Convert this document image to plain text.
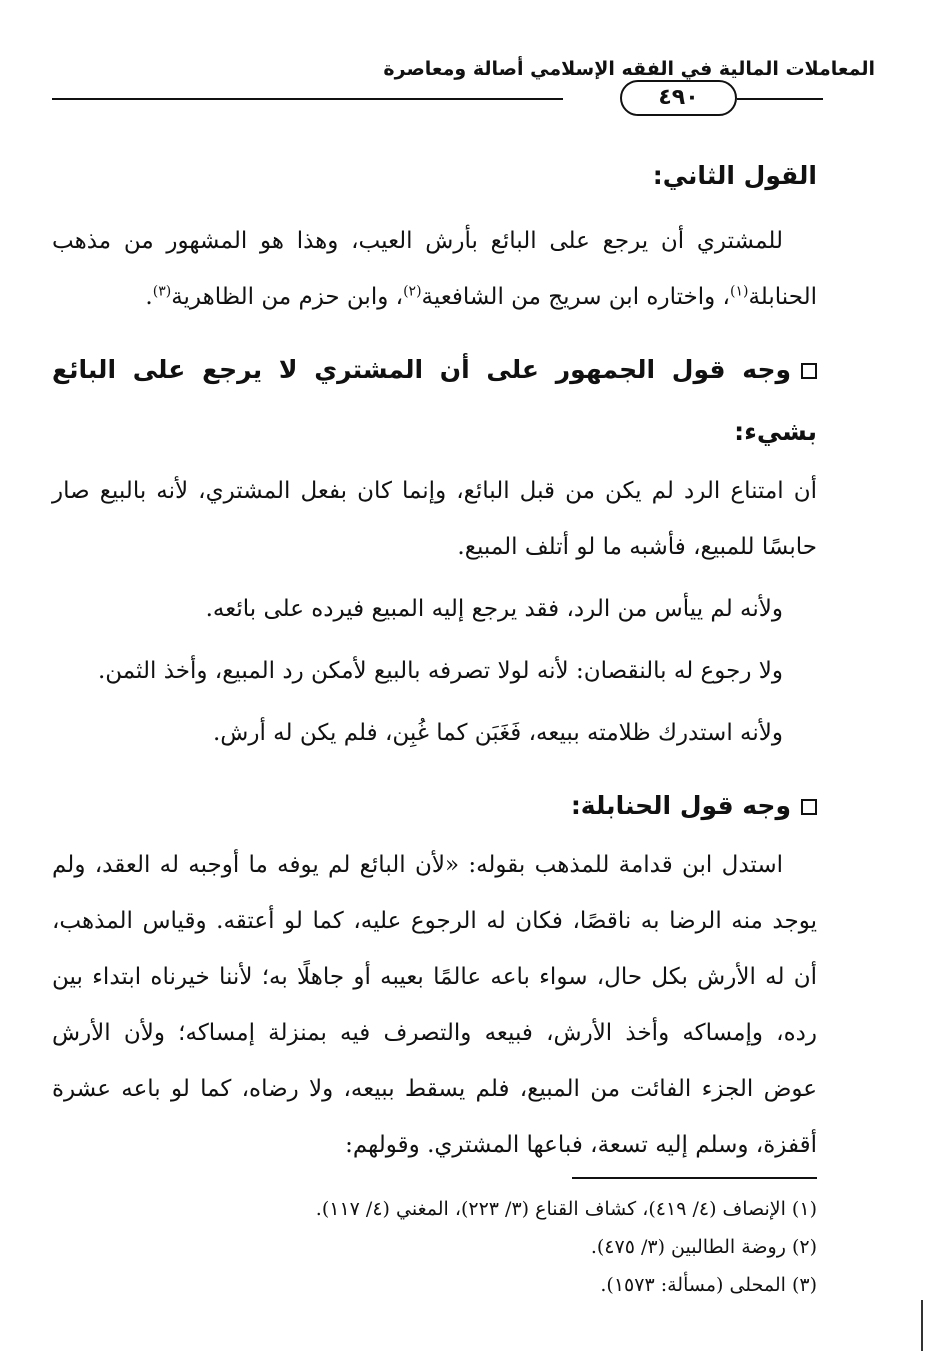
المعاملات المالية في الفقه الإسلامي أصالة ومعاصرة
٤٩٠
القول الثاني:

للمشتري أن يرجع على البائع بأرش العيب، وهذا هو المشهور من مذهب الحنابلة$^{(١)}$، واختاره ابن سريج من الشافعية$^{(٢)}$، وابن حزم من الظاهرية$^{(٣)}$.

وجه قول الجمهور على أن المشتري لا يرجع على البائع بشيء:

أن امتناع الرد لم يكن من قبل البائع، وإنما كان بفعل المشتري، لأنه بالبيع صار حابسًا للمبيع، فأشبه ما لو أتلف المبيع.

ولأنه لم ييأس من الرد، فقد يرجع إليه المبيع فيرده على بائعه.

ولا رجوع له بالنقصان: لأنه لولا تصرفه بالبيع لأمكن رد المبيع، وأخذ الثمن.

ولأنه استدرك ظلامته ببيعه، فَغَبَن كما غُبِن، فلم يكن له أرش.

وجه قول الحنابلة:

استدل ابن قدامة للمذهب بقوله: «لأن البائع لم يوفه ما أوجبه له العقد، ولم يوجد منه الرضا به ناقصًا، فكان له الرجوع عليه، كما لو أعتقه. وقياس المذهب، أن له الأرش بكل حال، سواء باعه عالمًا بعيبه أو جاهلًا به؛ لأننا خيرناه ابتداء بين رده، وإمساكه وأخذ الأرش، فبيعه والتصرف فيه بمنزلة إمساكه؛ ولأن الأرش عوض الجزء الفائت من المبيع، فلم يسقط ببيعه، ولا رضاه، كما لو باعه عشرة أقفزة، وسلم إليه تسعة، فباعها المشتري. وقولهم:

(١) الإنصاف (٤/ ٤١٩)، كشاف القناع (٣/ ٢٢٣)، المغني (٤/ ١١٧).
(٢) روضة الطالبين (٣/ ٤٧٥).
(٣) المحلى (مسألة: ١٥٧٣).
